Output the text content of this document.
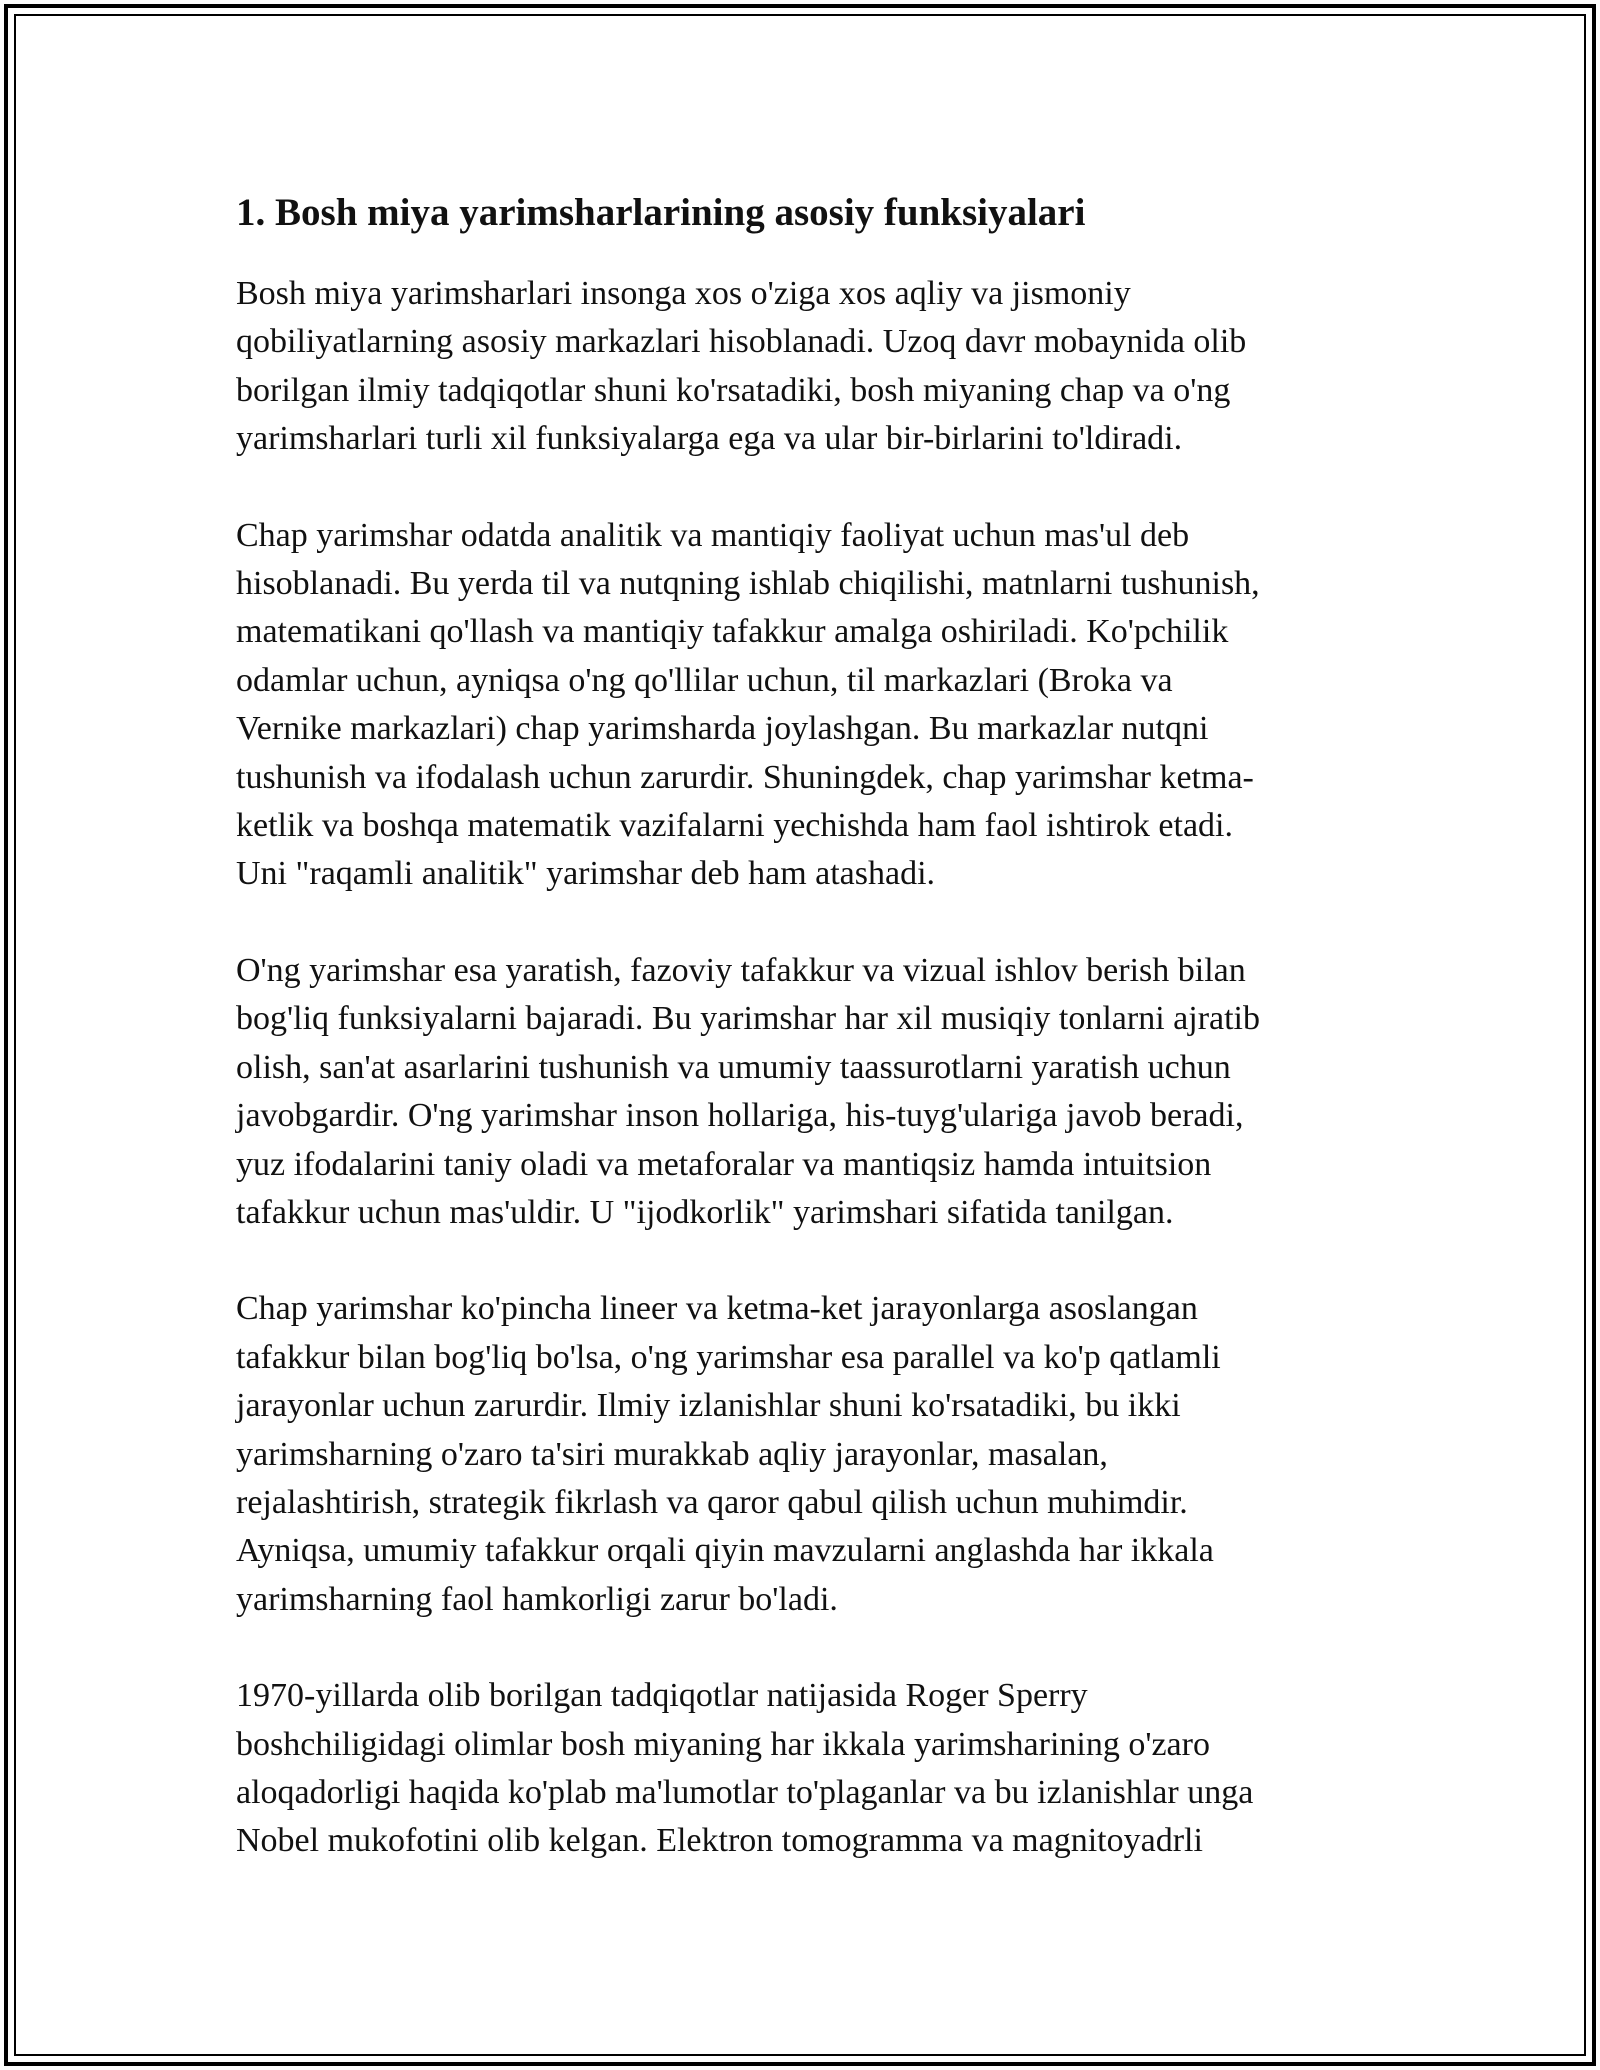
1. Bosh miya yarimsharlarining asosiy funksiyalari

Bosh miya yarimsharlari insonga xos o'ziga xos aqliy va jismoniy
qobiliyatlarning asosiy markazlari hisoblanadi. Uzoq davr mobaynida olib
borilgan ilmiy tadqiqotlar shuni ko'rsatadiki, bosh miyaning chap va o'ng
yarimsharlari turli xil funksiyalarga ega va ular bir-birlarini to'ldiradi.

Chap yarimshar odatda analitik va mantiqiy faoliyat uchun mas'ul deb
hisoblanadi. Bu yerda til va nutqning ishlab chiqilishi, matnlarni tushunish,
matematikani qo'llash va mantiqiy tafakkur amalga oshiriladi. Ko'pchilik
odamlar uchun, ayniqsa o'ng qo'llilar uchun, til markazlari (Broka va
Vernike markazlari) chap yarimsharda joylashgan. Bu markazlar nutqni
tushunish va ifodalash uchun zarurdir. Shuningdek, chap yarimshar ketma-
ketlik va boshqa matematik vazifalarni yechishda ham faol ishtirok etadi.
Uni "raqamli analitik" yarimshar deb ham atashadi.

O'ng yarimshar esa yaratish, fazoviy tafakkur va vizual ishlov berish bilan
bog'liq funksiyalarni bajaradi. Bu yarimshar har xil musiqiy tonlarni ajratib
olish, san'at asarlarini tushunish va umumiy taassurotlarni yaratish uchun
javobgardir. O'ng yarimshar inson hollariga, his-tuyg'ulariga javob beradi,
yuz ifodalarini taniy oladi va metaforalar va mantiqsiz hamda intuitsion
tafakkur uchun mas'uldir. U "ijodkorlik" yarimshari sifatida tanilgan.

Chap yarimshar ko'pincha lineer va ketma-ket jarayonlarga asoslangan
tafakkur bilan bog'liq bo'lsa, o'ng yarimshar esa parallel va ko'p qatlamli
jarayonlar uchun zarurdir. Ilmiy izlanishlar shuni ko'rsatadiki, bu ikki
yarimsharning o'zaro ta'siri murakkab aqliy jarayonlar, masalan,
rejalashtirish, strategik fikrlash va qaror qabul qilish uchun muhimdir.
Ayniqsa, umumiy tafakkur orqali qiyin mavzularni anglashda har ikkala
yarimsharning faol hamkorligi zarur bo'ladi.

1970-yillarda olib borilgan tadqiqotlar natijasida Roger Sperry
boshchiligidagi olimlar bosh miyaning har ikkala yarimsharining o'zaro
aloqadorligi haqida ko'plab ma'lumotlar to'plaganlar va bu izlanishlar unga
Nobel mukofotini olib kelgan. Elektron tomogramma va magnitoyadrli
